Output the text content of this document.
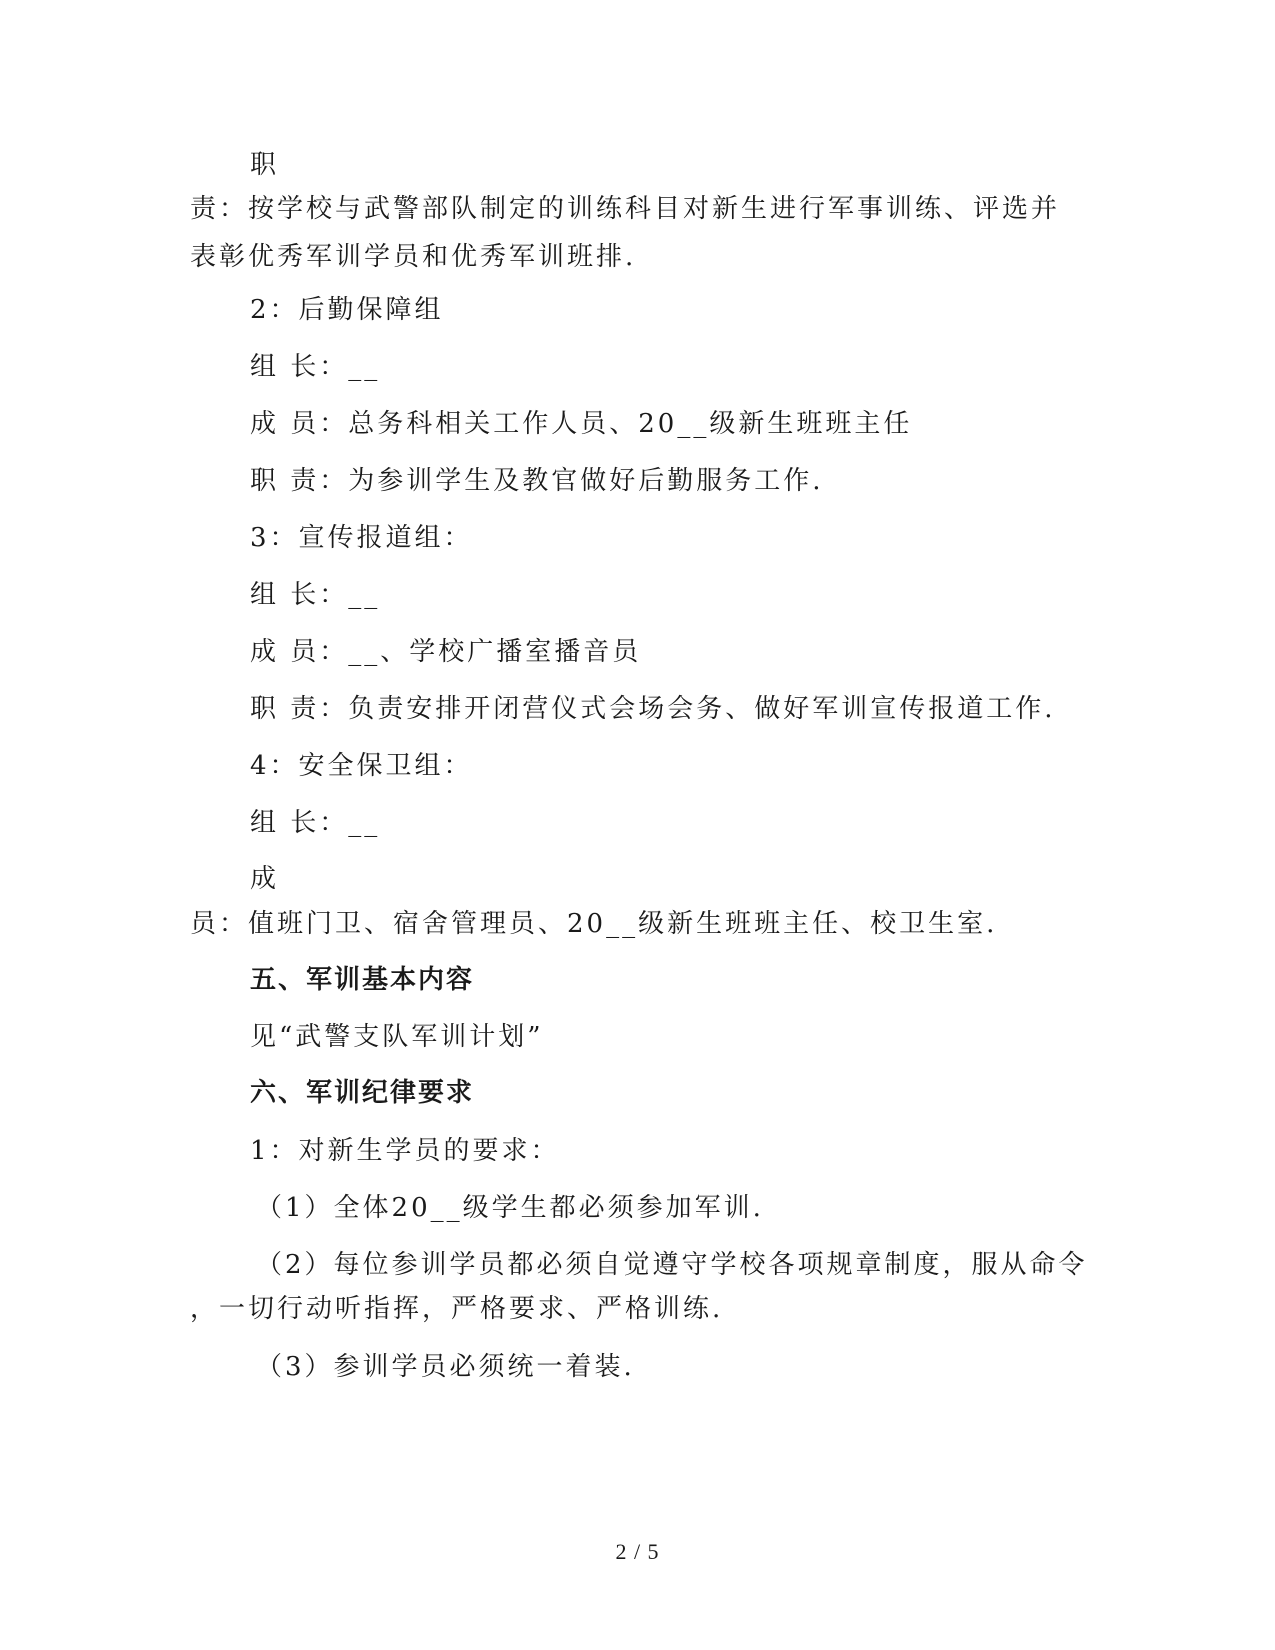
职
责：按学校与武警部队制定的训练科目对新生进行军事训练、评选并
表彰优秀军训学员和优秀军训班排.
2：后勤保障组
组 长：__
成 员：总务科相关工作人员、20__级新生班班主任
职 责：为参训学生及教官做好后勤服务工作.
3：宣传报道组：
组 长：__
成 员：__、学校广播室播音员
职 责：负责安排开闭营仪式会场会务、做好军训宣传报道工作.
4：安全保卫组：
组 长：__
成
员：值班门卫、宿舍管理员、20__级新生班班主任、校卫生室.
五、军训基本内容
见“武警支队军训计划”
六、军训纪律要求
1：对新生学员的要求：
（1）全体20__级学生都必须参加军训.
（2）每位参训学员都必须自觉遵守学校各项规章制度，服从命令
，一切行动听指挥，严格要求、严格训练.
（3）参训学员必须统一着装.
2 / 5
